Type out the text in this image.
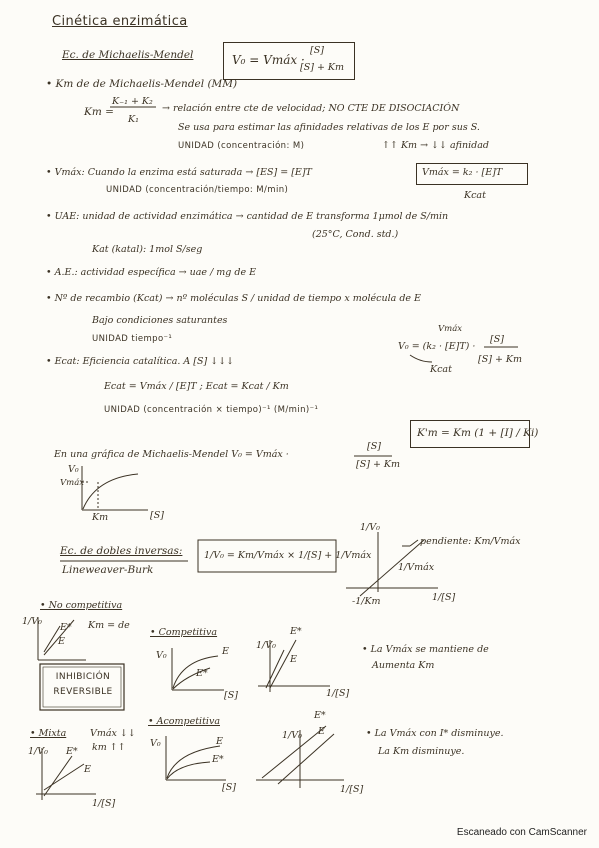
Cinética enzimática
Ec. de Michaelis-Mendel	V₀ = Vmáx ·
[S]
[S] + Km
• Km de de Michaelis-Mendel (MM)
Km =
K₋₁ + K₂
K₁
→ relación entre cte de velocidad; NO CTE DE DISOCIACIÓN
Se usa para estimar las afinidades relativas de los E por sus S.
UNIDAD (concentración: M)	↑↑ Km → ↓↓ afinidad
• Vmáx: Cuando la enzima está saturada → [ES] = [E]T
UNIDAD (concentración/tiempo: M/min)
Vmáx = k₂ · [E]T
Kcat
• UAE: unidad de actividad enzimática → cantidad de E transforma 1μmol de S/min
(25°C, Cond. std.)
Kat (katal): 1mol S/seg
• A.E.: actividad específica → uae / mg de E
• Nº de recambio (Kcat) → nº moléculas S / unidad de tiempo x molécula de E
Bajo condiciones saturantes
UNIDAD tiempo⁻¹
Vmáx
V₀ = (k₂ · [E]T) ·
[S]
[S] + Km
Kcat
• Ecat: Eficiencia catalítica. A [S] ↓↓↓
Ecat = Vmáx / [E]T ; Ecat = Kcat / Km
UNIDAD (concentración × tiempo)⁻¹ (M/min)⁻¹
K'm = Km (1 + [I] / Ki)
En una gráfica de Michaelis-Mendel V₀ = Vmáx ·
[S]
[S] + Km
V₀
Vmáx
Km	[S]
Ec. de dobles inversas:
Lineweaver-Burk
1/V₀ = Km/Vmáx × 1/[S] + 1/Vmáx
1/V₀
pendiente: Km/Vmáx
1/Vmáx
-1/Km	1/[S]
• No competitiva
1/V₀
E*
E
Km = de
INHIBICIÓN REVERSIBLE
• Competitiva
V₀	E
E*
[S]
1/V₀
E*
E
1/[S]
• La Vmáx se mantiene de
Aumenta Km
• Acompetitiva
V₀	E
E*
[S]
1/V₀
E*
E
1/[S]
• La Vmáx con I* disminuye.
La Km disminuye.
• Mixta	Vmáx ↓↓
km ↑↑
1/V₀ E*
E
1/[S]
Escaneado con CamScanner
